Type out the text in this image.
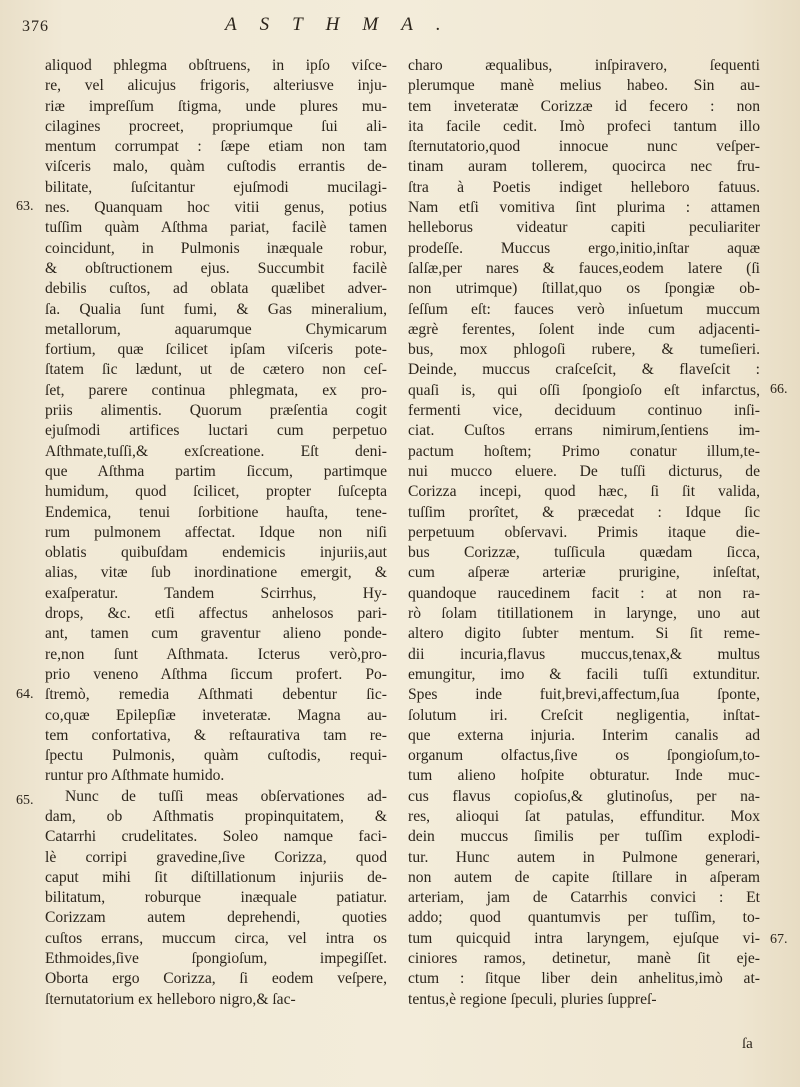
376	ASTHMA.
aliquod phlegma obſtruens, in ipſo viſce-
re, vel alicujus frigoris, alteriusve inju-
riæ impreſſum ſtigma, unde plures mu-
cilagines procreet, propriumque ſui ali-
mentum corrumpat : ſæpe etiam non tam
viſceris malo, quàm cuſtodis errantis de-
bilitate, ſuſcitantur ejuſmodi mucilagi-
nes. Quanquam hoc vitii genus, potius
tuſſim quàm Aſthma pariat, facilè tamen
coincidunt, in Pulmonis inæquale robur,
& obſtructionem ejus. Succumbit facilè
debilis cuſtos, ad oblata quælibet adver-
ſa. Qualia ſunt fumi, & Gas mineralium,
metallorum, aquarumque Chymicarum
fortium, quæ ſcilicet ipſam viſceris pote-
ſtatem ſic lædunt, ut de cætero non ceſ-
ſet, parere continua phlegmata, ex pro-
priis alimentis. Quorum præſentia cogit
ejuſmodi artifices luctari cum perpetuo
Aſthmate,tuſſi,& exſcreatione. Eſt deni-
que Aſthma partim ſiccum, partimque
humidum, quod ſcilicet, propter ſuſcepta
Endemica, tenui ſorbitione hauſta, tene-
rum pulmonem affectat. Idque non niſi
oblatis quibuſdam endemicis injuriis,aut
alias, vitæ ſub inordinatione emergit, &
exaſperatur. Tandem Scirrhus, Hy-
drops, &c. etſi affectus anhelosos pari-
ant, tamen cum graventur alieno ponde-
re,non ſunt Aſthmata. Icterus verò,pro-
prio veneno Aſthma ſiccum profert. Po-
ſtremò, remedia Aſthmati debentur ſic-
co,quæ Epilepſiæ inveteratæ. Magna au-
tem confortativa, & reſtaurativa tam re-
ſpectu Pulmonis, quàm cuſtodis, requi-
runtur pro Aſthmate humido.
Nunc de tuſſi meas obſervationes ad-
dam, ob Aſthmatis propinquitatem, &
Catarrhi crudelitates. Soleo namque faci-
lè corripi gravedine,ſive Corizza, quod
caput mihi ſit diſtillationum injuriis de-
bilitatum, roburque inæquale patiatur.
Corizzam autem deprehendi, quoties
cuſtos errans, muccum circa, vel intra os
Ethmoides,ſive ſpongioſum, impegiſſet.
Oborta ergo Corizza, ſi eodem veſpere,
ſternutatorium ex helleboro nigro,& ſac-
charo æqualibus, inſpiravero, ſequenti
plerumque manè melius habeo. Sin au-
tem inveteratæ Corizzæ id fecero : non
ita facile cedit. Imò profeci tantum illo
ſternutatorio,quod innocue nunc veſper-
tinam auram tollerem, quocirca nec fru-
ſtra à Poetis indiget helleboro fatuus.
Nam etſi vomitiva ſint plurima : attamen
helleborus videatur capiti peculiariter
prodeſſe. Muccus ergo,initio,inſtar aquæ
ſalſæ,per nares & fauces,eodem latere (ſi
non utrimque) ſtillat,quo os ſpongiæ ob-
ſeſſum eſt: fauces verò inſuetum muccum
ægrè ferentes, ſolent inde cum adjacenti-
bus, mox phlogoſi rubere, & tumeſieri.
Deinde, muccus craſceſcit, & flaveſcit :
quaſi is, qui oſſi ſpongioſo eſt infarctus,
fermenti vice, deciduum continuo inſi-
ciat. Cuſtos errans nimirum,ſentiens im-
pactum hoſtem; Primo conatur illum,te-
nui mucco eluere. De tuſſi dicturus, de
Corizza incepi, quod hæc, ſi ſit valida,
tuſſim prorîtet, & præcedat : Idque ſic
perpetuum obſervavi. Primis itaque die-
bus Corizzæ, tuſſicula quædam ſicca,
cum aſperæ arteriæ prurigine, inſeſtat,
quandoque raucedinem facit : at non ra-
rò ſolam titillationem in larynge, uno aut
altero digito ſubter mentum. Si ſit reme-
dii incuria,flavus muccus,tenax,& multus
emungitur, imo & facili tuſſi extunditur.
Spes inde fuit,brevi,affectum,ſua ſponte,
ſolutum iri. Creſcit negligentia, inſtat-
que externa injuria. Interim canalis ad
organum olfactus,ſive os ſpongioſum,to-
tum alieno hoſpite obturatur. Inde muc-
cus flavus copioſus,& glutinoſus, per na-
res, alioqui ſat patulas, effunditur. Mox
dein muccus ſimilis per tuſſim explodi-
tur. Hunc autem in Pulmone generari,
non autem de capite ſtillare in aſperam
arteriam, jam de Catarrhis convici : Et
addo; quod quantumvis per tuſſim, to-
tum quicquid intra laryngem, ejuſque vi-
ciniores ramos, detinetur, manè ſit eje-
ctum : ſitque liber dein anhelitus,imò at-
tentus,è regione ſpeculi, pluries ſuppreſ-
63.
64.
65.
66.
67.
ſa
